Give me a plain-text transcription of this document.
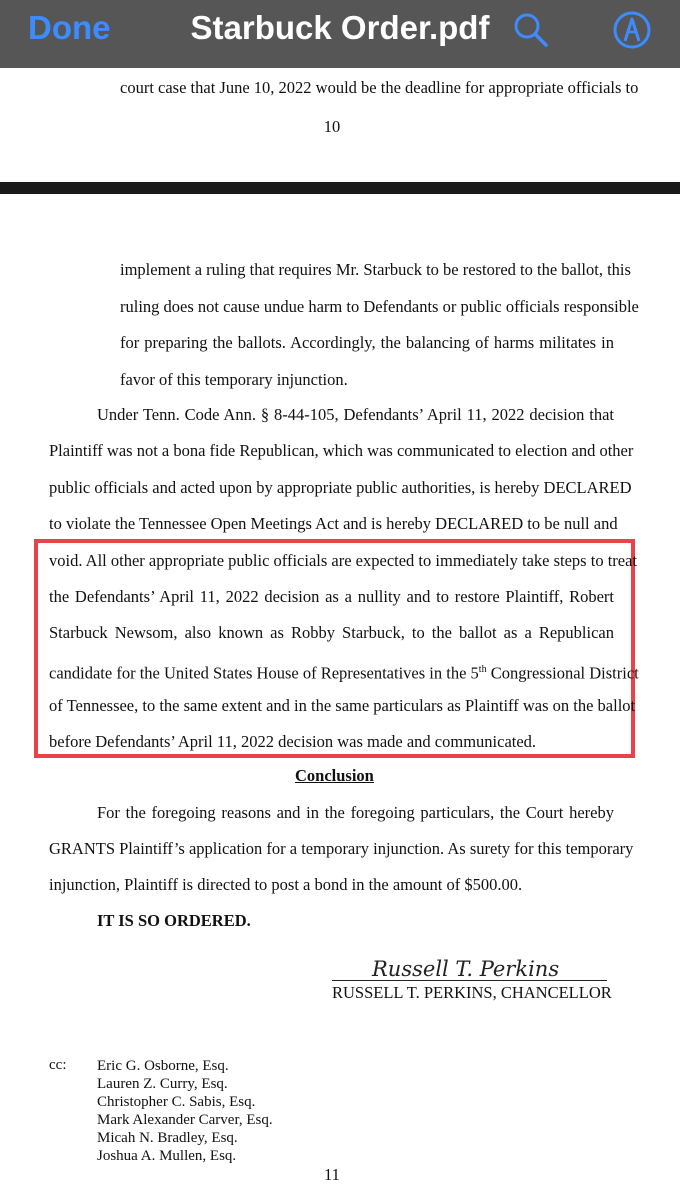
Done	Starbuck Order.pdf
court case that June 10, 2022 would be the deadline for appropriate officials to
10
implement a ruling that requires Mr. Starbuck to be restored to the ballot, this
ruling does not cause undue harm to Defendants or public officials responsible
for preparing the ballots. Accordingly, the balancing of harms militates in
favor of this temporary injunction.
Under Tenn. Code Ann. § 8-44-105, Defendants’ April 11, 2022 decision that
Plaintiff was not a bona fide Republican, which was communicated to election and other
public officials and acted upon by appropriate public authorities, is hereby DECLARED
to violate the Tennessee Open Meetings Act and is hereby DECLARED to be null and
void. All other appropriate public officials are expected to immediately take steps to treat
the Defendants’ April 11, 2022 decision as a nullity and to restore Plaintiff, Robert
Starbuck Newsom, also known as Robby Starbuck, to the ballot as a Republican
candidate for the United States House of Representatives in the 5th Congressional District
of Tennessee, to the same extent and in the same particulars as Plaintiff was on the ballot
before Defendants’ April 11, 2022 decision was made and communicated.
Conclusion
For the foregoing reasons and in the foregoing particulars, the Court hereby
GRANTS Plaintiff’s application for a temporary injunction. As surety for this temporary
injunction, Plaintiff is directed to post a bond in the amount of $500.00.
IT IS SO ORDERED.
Russell T. Perkins
RUSSELL T. PERKINS, CHANCELLOR
cc: Eric G. Osborne, Esq.
Lauren Z. Curry, Esq.
Christopher C. Sabis, Esq.
Mark Alexander Carver, Esq.
Micah N. Bradley, Esq.
Joshua A. Mullen, Esq.
11
